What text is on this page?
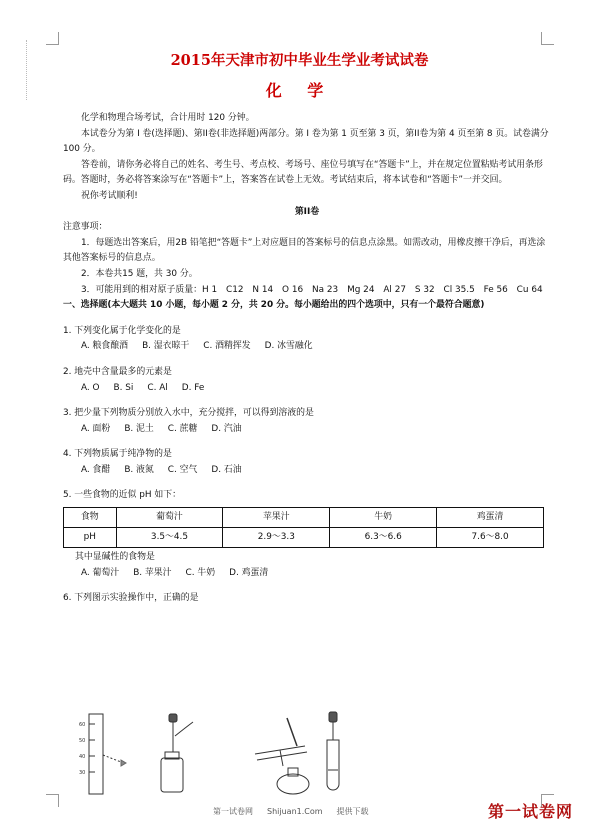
2015年天津市初中毕业生学业考试试卷
化 学

化学和物理合场考试，合计用时 120 分钟。

本试卷分为第 I 卷(选择题)、第II卷(非选择题)两部分。第 I 卷为第 1 页至第 3 页，第II卷为第 4 页至第 8 页。试卷满分 100 分。

答卷前，请你务必将自己的姓名、考生号、考点校、考场号、座位号填写在“答题卡”上，并在规定位置粘贴考试用条形码。答题时，务必将答案涂写在“答题卡”上，答案答在试卷上无效。考试结束后，将本试卷和“答题卡”一并交回。

祝你考试顺利!

第II卷

注意事项：

1．每题选出答案后，用2B 铅笔把“答题卡”上对应题目的答案标号的信息点涂黑。如需改动，用橡皮擦干净后，再选涂其他答案标号的信息点。

2．本卷共15 题，共 30 分。

3．可能用到的相对原子质量：H 1　C12　N 14　O 16　Na 23　Mg 24　Al 27　S 32　Cl 35.5　Fe 56　Cu 64

一、选择题(本大题共 10 小题，每小题 2 分，共 20 分。每小题给出的四个选项中，只有一个最符合题意)

1. 下列变化属于化学变化的是

A. 粮食酿酒 B. 湿衣晾干 C. 酒精挥发 D. 冰雪融化

2. 地壳中含量最多的元素是

A. O B. Si C. Al D. Fe

3. 把少量下列物质分别放入水中，充分搅拌，可以得到溶液的是

A. 面粉 B. 泥土 C. 蔗糖 D. 汽油

4. 下列物质属于纯净物的是

A. 食醋 B. 液氮 C. 空气 D. 石油

5. 一些食物的近似 pH 如下：

食物	葡萄汁	苹果汁	牛奶	鸡蛋清
pH	3.5～4.5	2.9～3.3	6.3～6.6	7.6～8.0

其中显碱性的食物是

A. 葡萄汁 B. 苹果汁 C. 牛奶 D. 鸡蛋清

6. 下列图示实验操作中，正确的是

60
50
40
30
第一试卷网 Shijuan1.Com 提供下载	第一试卷网
